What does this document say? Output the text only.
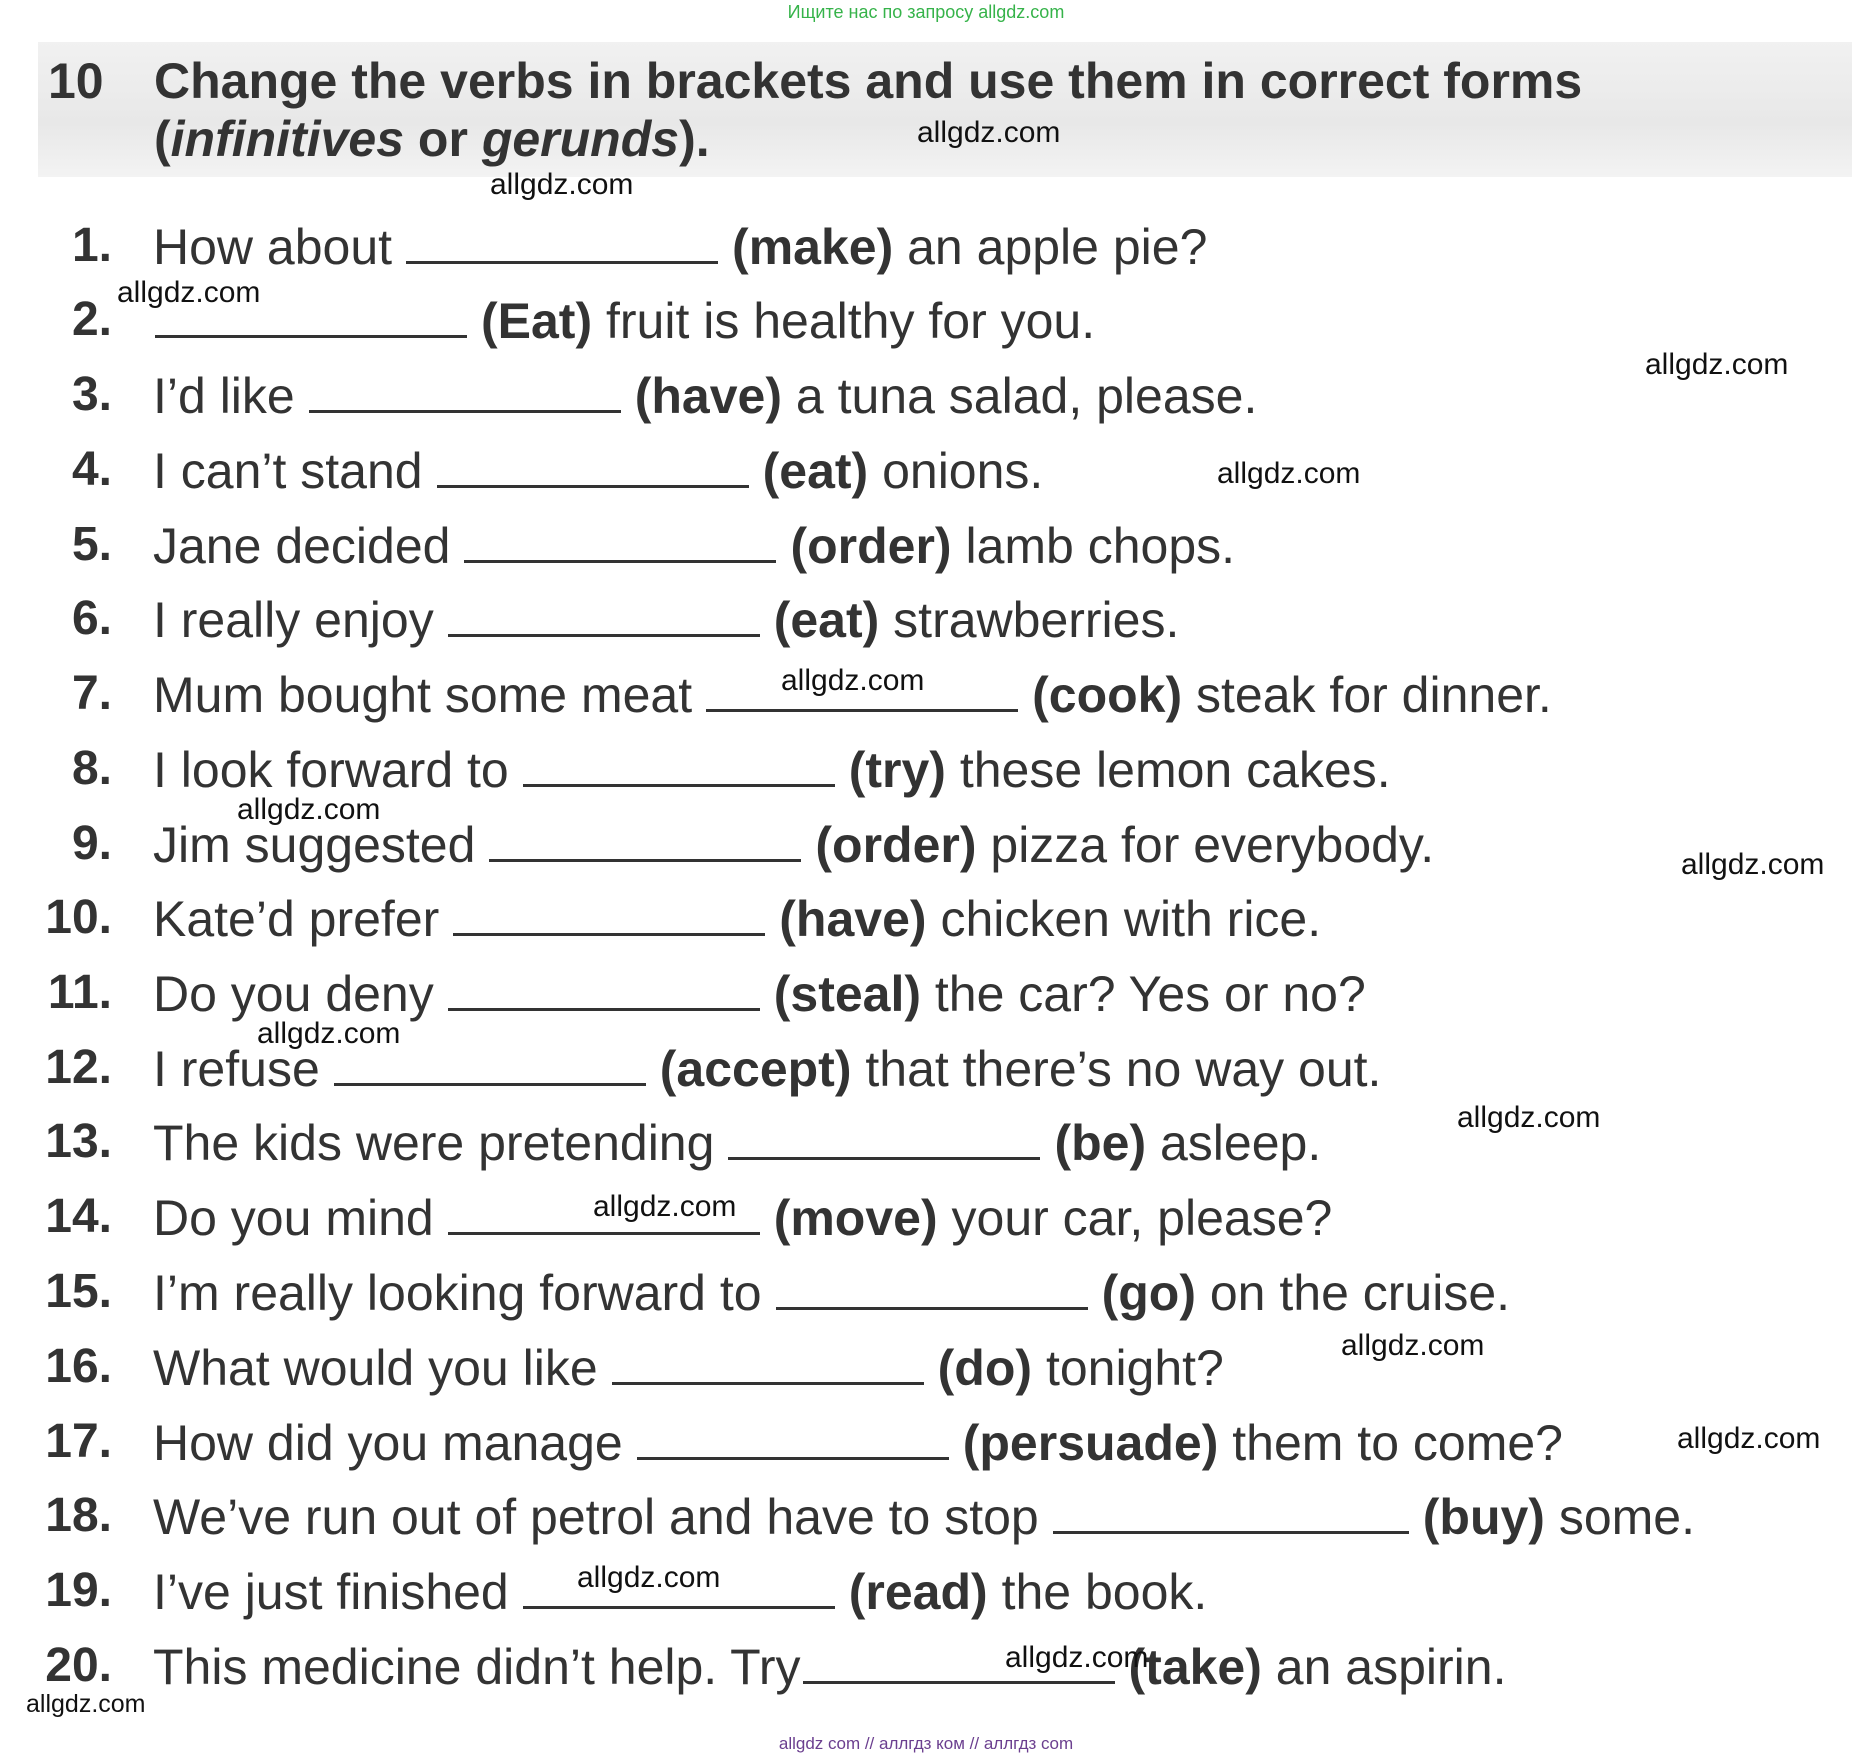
Ищите нас по запросу allgdz.com
10 Change the verbs in brackets and use them in correct forms
(infinitives or gerunds).
1. How about	(make) an apple pie?
2.	(Eat) fruit is healthy for you.
3. I’d like	(have) a tuna salad, please.
4. I can’t stand	(eat) onions.
5. Jane decided	(order) lamb chops.
6. I really enjoy	(eat) strawberries.
7. Mum bought some meat	(cook) steak for dinner.
8. I look forward to	(try) these lemon cakes.
9. Jim suggested	(order) pizza for everybody.
10. Kate’d prefer	(have) chicken with rice.
11. Do you deny	(steal) the car? Yes or no?
12. I refuse	(accept) that there’s no way out.
13. The kids were pretending	(be) asleep.
14. Do you mind	(move) your car, please?
15. I’m really looking forward to	(go) on the cruise.
16. What would you like	(do) tonight?
17. How did you manage	(persuade) them to come?
18. We’ve run out of petrol and have to stop	(buy) some.
19. I’ve just finished	(read) the book.
20. This medicine didn’t help. Try	(take) an aspirin.
allgdz.com
allgdz.com
allgdz.com
allgdz.com
allgdz.com
allgdz.com
allgdz.com
allgdz.com
allgdz.com
allgdz.com
allgdz.com
allgdz.com
allgdz.com
allgdz.com
allgdz.com
allgdz.com
allgdz com // аллгдз ком // аллгдз com
